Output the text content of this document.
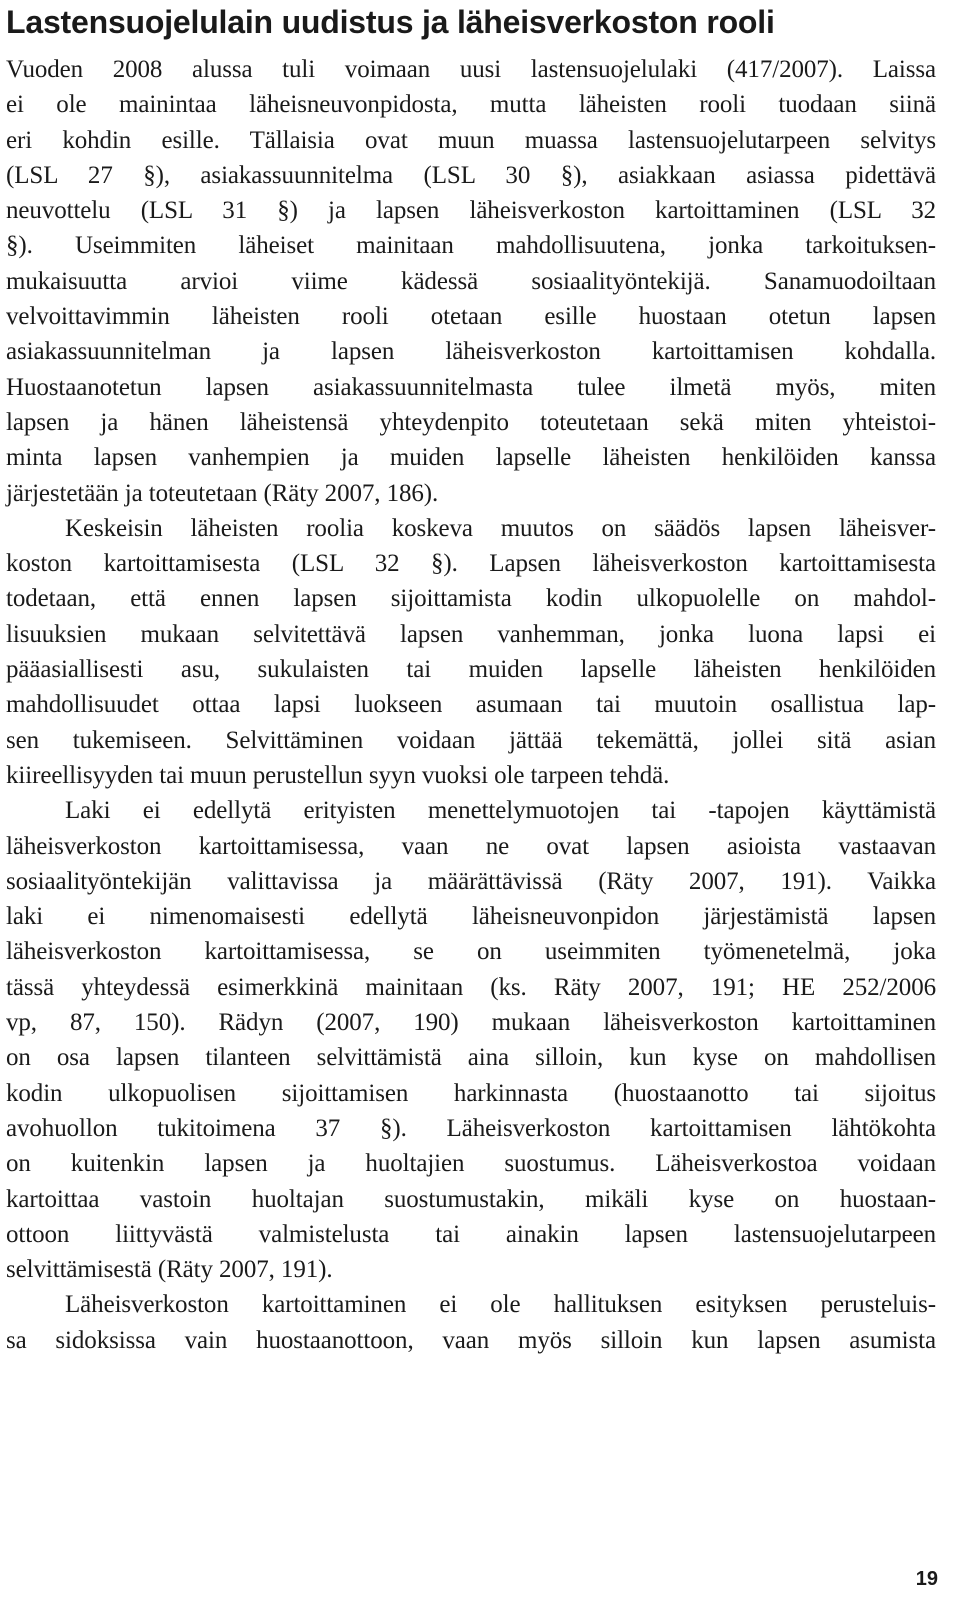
Lastensuojelulain uudistus ja läheisverkoston rooli

Vuoden 2008 alussa tuli voimaan uusi lastensuojelulaki (417/2007). Laissa
ei ole mainintaa läheisneuvonpidosta, mutta läheisten rooli tuodaan siinä
eri kohdin esille. Tällaisia ovat muun muassa lastensuojelutarpeen selvitys
(LSL 27 §), asiakassuunnitelma (LSL 30 §), asiakkaan asiassa pidettävä
neuvottelu (LSL 31 §) ja lapsen läheisverkoston kartoittaminen (LSL 32
§). Useimmiten läheiset mainitaan mahdollisuutena, jonka tarkoituksen-
mukaisuutta arvioi viime kädessä sosiaalityöntekijä. Sanamuodoiltaan
velvoittavimmin läheisten rooli otetaan esille huostaan otetun lapsen
asiakassuunnitelman ja lapsen läheisverkoston kartoittamisen kohdalla.
Huostaanotetun lapsen asiakassuunnitelmasta tulee ilmetä myös, miten
lapsen ja hänen läheistensä yhteydenpito toteutetaan sekä miten yhteistoi-
minta lapsen vanhempien ja muiden lapselle läheisten henkilöiden kanssa
järjestetään ja toteutetaan (Räty 2007, 186).

Keskeisin läheisten roolia koskeva muutos on säädös lapsen läheisver-
koston kartoittamisesta (LSL 32 §). Lapsen läheisverkoston kartoittamisesta
todetaan, että ennen lapsen sijoittamista kodin ulkopuolelle on mahdol-
lisuuksien mukaan selvitettävä lapsen vanhemman, jonka luona lapsi ei
pääasiallisesti asu, sukulaisten tai muiden lapselle läheisten henkilöiden
mahdollisuudet ottaa lapsi luokseen asumaan tai muutoin osallistua lap-
sen tukemiseen. Selvittäminen voidaan jättää tekemättä, jollei sitä asian
kiireellisyyden tai muun perustellun syyn vuoksi ole tarpeen tehdä.

Laki ei edellytä erityisten menettelymuotojen tai -tapojen käyttämistä
läheisverkoston kartoittamisessa, vaan ne ovat lapsen asioista vastaavan
sosiaalityöntekijän valittavissa ja määrättävissä (Räty 2007, 191). Vaikka
laki ei nimenomaisesti edellytä läheisneuvonpidon järjestämistä lapsen
läheisverkoston kartoittamisessa, se on useimmiten työmenetelmä, joka
tässä yhteydessä esimerkkinä mainitaan (ks. Räty 2007, 191; HE 252/2006
vp, 87, 150). Rädyn (2007, 190) mukaan läheisverkoston kartoittaminen
on osa lapsen tilanteen selvittämistä aina silloin, kun kyse on mahdollisen
kodin ulkopuolisen sijoittamisen harkinnasta (huostaanotto tai sijoitus
avohuollon tukitoimena 37 §). Läheisverkoston kartoittamisen lähtökohta
on kuitenkin lapsen ja huoltajien suostumus. Läheisverkostoa voidaan
kartoittaa vastoin huoltajan suostumustakin, mikäli kyse on huostaan-
ottoon liittyvästä valmistelusta tai ainakin lapsen lastensuojelutarpeen
selvittämisestä (Räty 2007, 191).

Läheisverkoston kartoittaminen ei ole hallituksen esityksen perusteluis-
sa sidoksissa vain huostaanottoon, vaan myös silloin kun lapsen asumista

19
